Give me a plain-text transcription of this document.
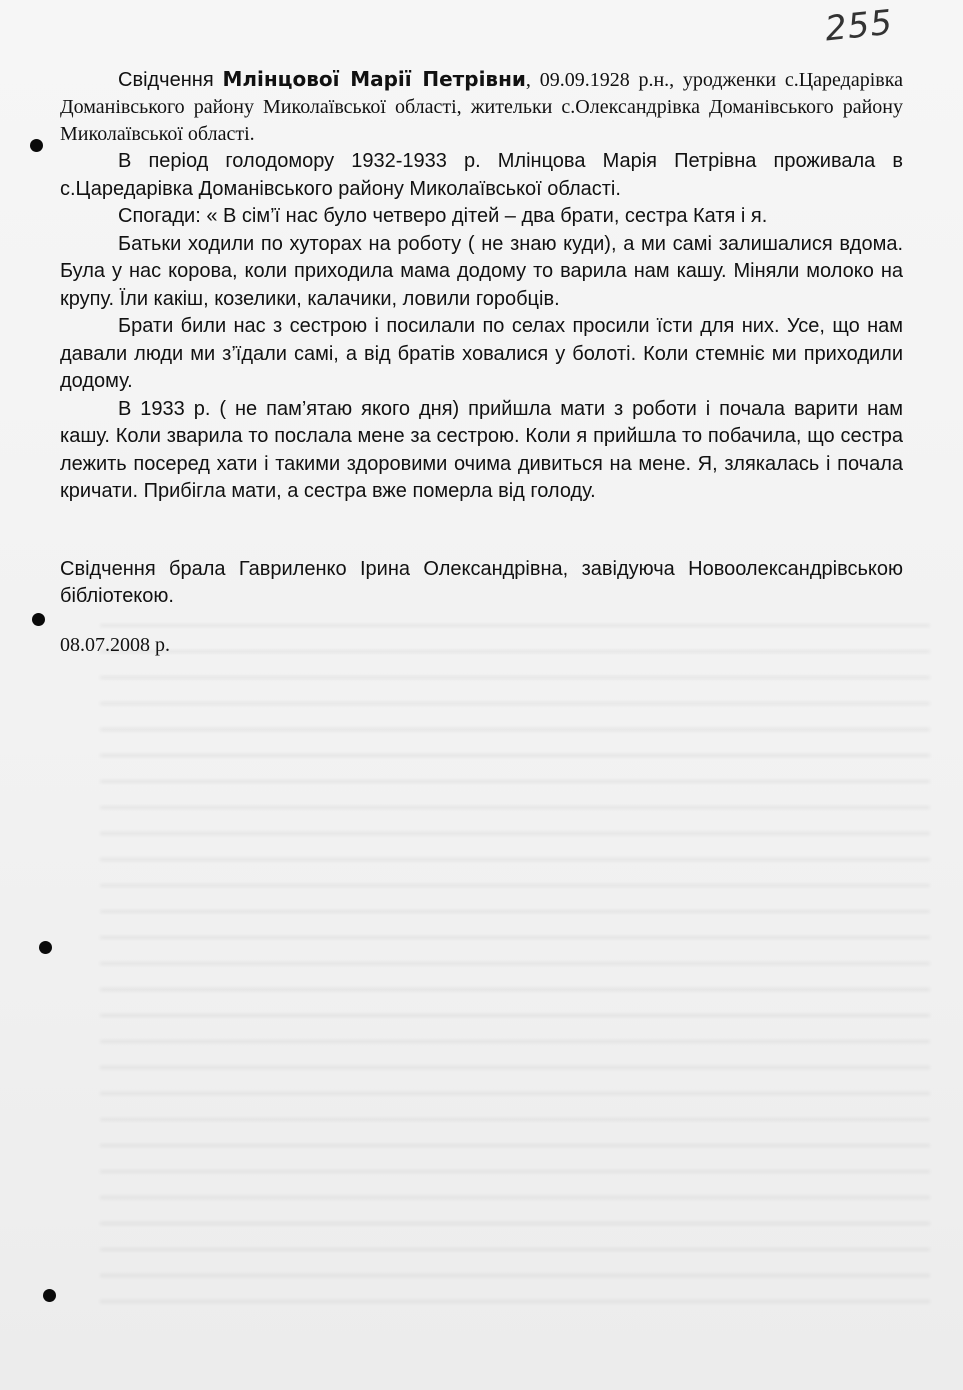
255

Свідчення Млінцової Марії Петрівни, 09.09.1928 р.н., уродженки с.Царедарівка Доманівського району Миколаївської області, жительки с.Олександрівка Доманівського району Миколаївської області.

В період голодомору 1932-1933 р. Млінцова Марія Петрівна проживала в с.Царедарівка Доманівського району Миколаївської області.

Спогади: « В сім’ї нас було четверо дітей – два брати, сестра Катя і я.

Батьки ходили по хуторах на роботу ( не знаю куди), а ми самі залишалися вдома. Була у нас корова, коли приходила мама додому то варила нам кашу. Міняли молоко на крупу. Їли какіш, козелики, калачики, ловили горобців.

Брати били нас з сестрою і посилали по селах просили їсти для них. Усе, що нам давали люди ми з’їдали самі, а від братів ховалися у болоті. Коли стемніє ми приходили додому.

В 1933 р. ( не пам’ятаю якого дня) прийшла мати з роботи і почала варити нам кашу. Коли зварила то послала мене за сестрою. Коли я прийшла то побачила, що сестра лежить посеред хати і такими здоровими очима дивиться на мене. Я, злякалась і почала кричати. Прибігла мати, а сестра вже померла від голоду.

Свідчення брала Гавриленко Ірина Олександрівна, завідуюча Новоолександрівською бібліотекою.
08.07.2008 р.
